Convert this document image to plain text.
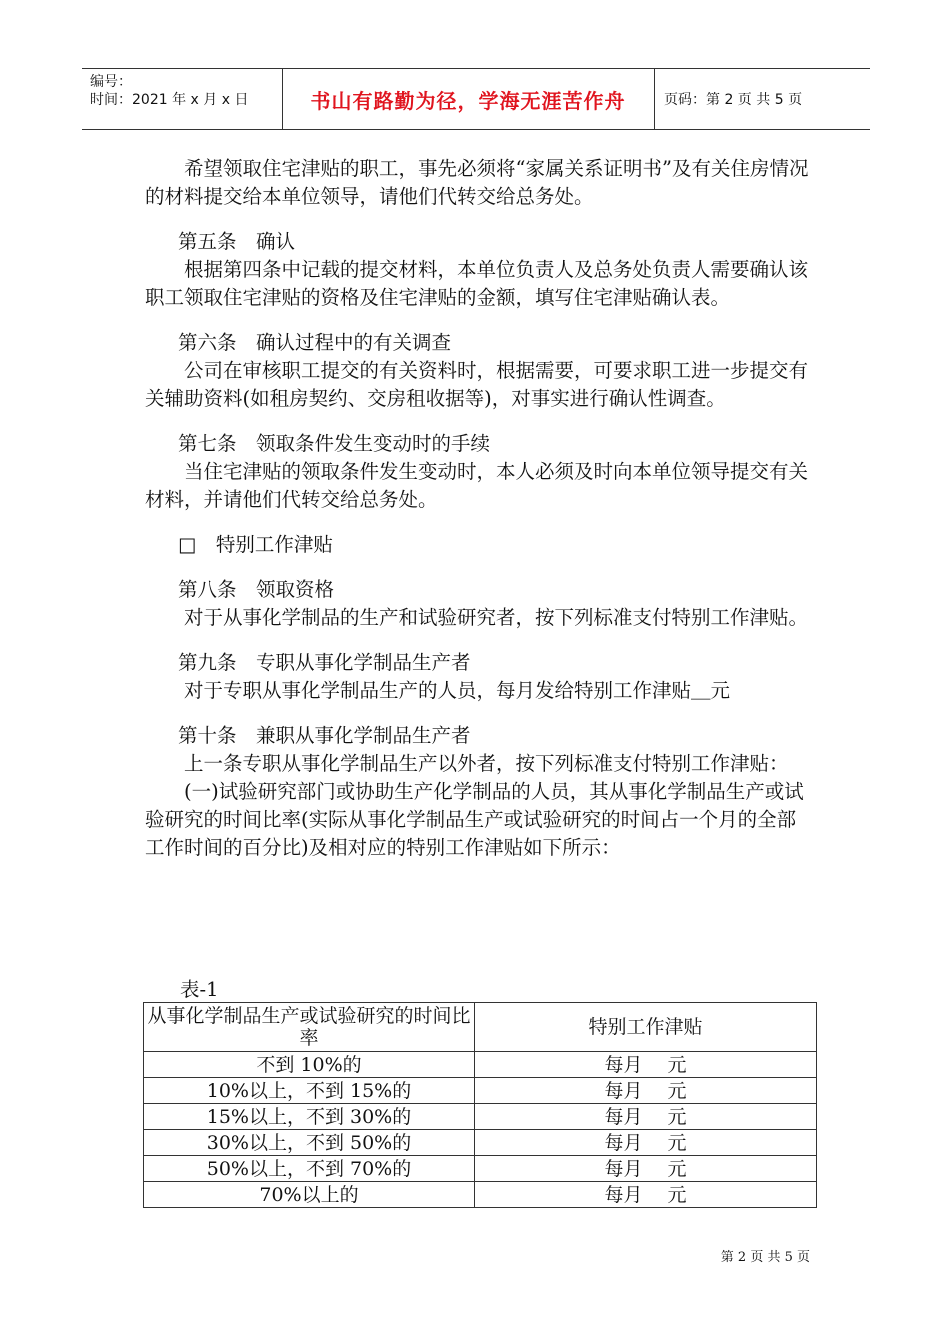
编号：
时间：2021 年 x 月 x 日	书山有路勤为径，学海无涯苦作舟	页码：第 2 页 共 5 页

希望领取住宅津贴的职工，事先必须将“家属关系证明书”及有关住房情况的材料提交给本单位领导，请他们代转交给总务处。

第五条　确认

根据第四条中记载的提交材料，本单位负责人及总务处负责人需要确认该职工领取住宅津贴的资格及住宅津贴的金额，填写住宅津贴确认表。

第六条　确认过程中的有关调查

公司在审核职工提交的有关资料时，根据需要，可要求职工进一步提交有关辅助资料(如租房契约、交房租收据等)，对事实进行确认性调查。

第七条　领取条件发生变动时的手续

当住宅津贴的领取条件发生变动时，本人必须及时向本单位领导提交有关材料，并请他们代转交给总务处。

□　特别工作津贴

第八条　领取资格

对于从事化学制品的生产和试验研究者，按下列标准支付特别工作津贴。

第九条　专职从事化学制品生产者

对于专职从事化学制品生产的人员，每月发给特别工作津贴＿元

第十条　兼职从事化学制品生产者

上一条专职从事化学制品生产以外者，按下列标准支付特别工作津贴：

(一)试验研究部门或协助生产化学制品的人员，其从事化学制品生产或试验研究的时间比率(实际从事化学制品生产或试验研究的时间占一个月的全部工作时间的百分比)及相对应的特别工作津贴如下所示：

表-1
从事化学制品生产或试验研究的时间比率	特别工作津贴
不到 10%的	每月　 元
10%以上，不到 15%的	每月　 元
15%以上，不到 30%的	每月　 元
30%以上，不到 50%的	每月　 元
50%以上，不到 70%的	每月　 元
70%以上的	每月　 元
第 2 页 共 5 页
